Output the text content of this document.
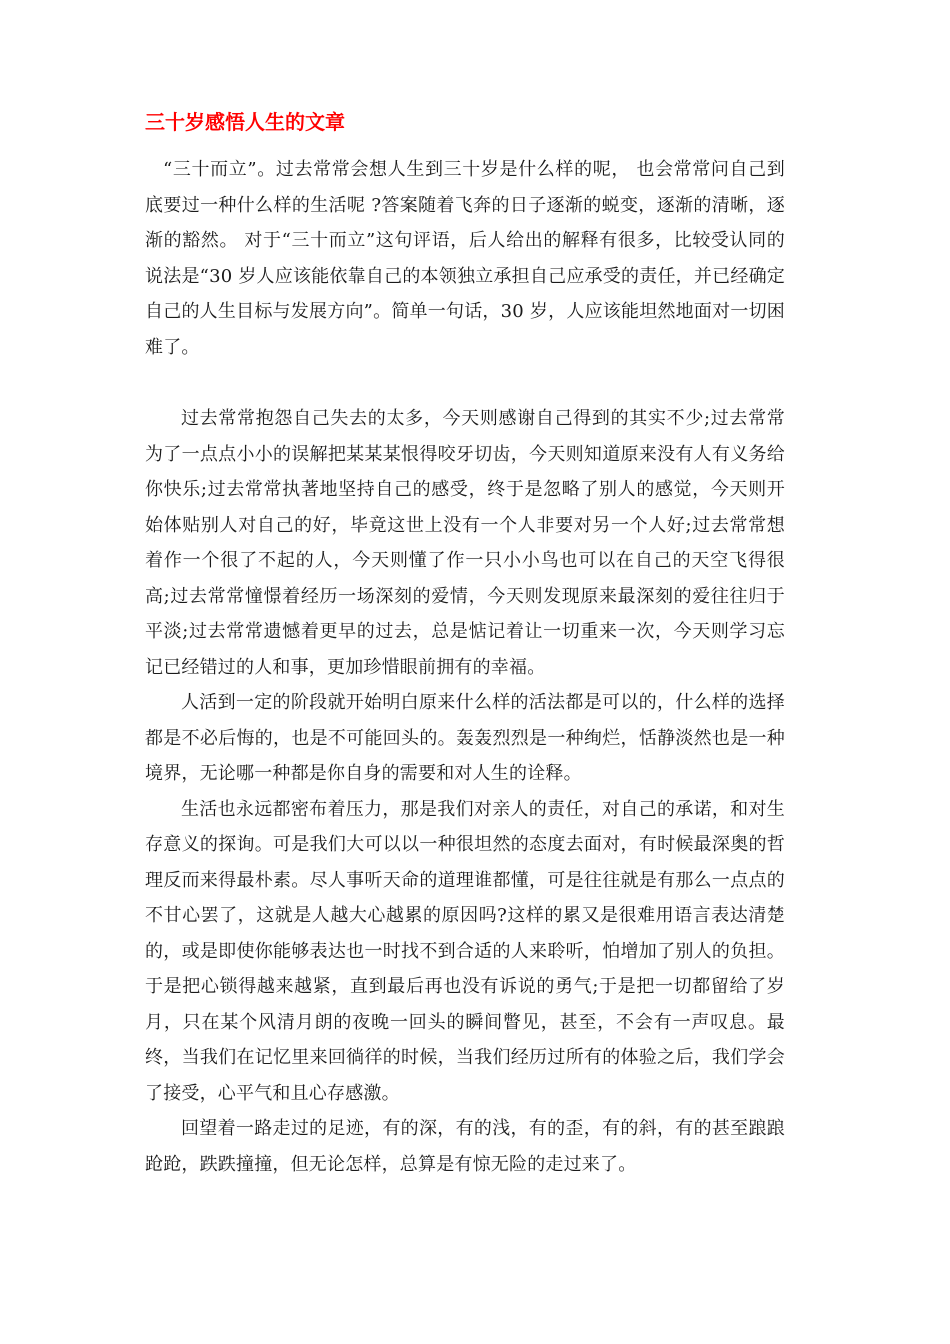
三十岁感悟人生的文章

“三十而立”。过去常常会想人生到三十岁是什么样的呢， 也会常常问自己到底要过一种什么样的生活呢 ?答案随着飞奔的日子逐渐的蜕变，逐渐的清晰，逐渐的豁然。 对于“三十而立”这句评语，后人给出的解释有很多，比较受认同的说法是“30 岁人应该能依靠自己的本领独立承担自己应承受的责任，并已经确定自己的人生目标与发展方向”。简单一句话，30 岁，人应该能坦然地面对一切困难了。

过去常常抱怨自己失去的太多，今天则感谢自己得到的其实不少;过去常常为了一点点小小的误解把某某某恨得咬牙切齿，今天则知道原来没有人有义务给你快乐;过去常常执著地坚持自己的感受，终于是忽略了别人的感觉，今天则开始体贴别人对自己的好，毕竟这世上没有一个人非要对另一个人好;过去常常想着作一个很了不起的人，今天则懂了作一只小小鸟也可以在自己的天空飞得很高;过去常常憧憬着经历一场深刻的爱情，今天则发现原来最深刻的爱往往归于平淡;过去常常遗憾着更早的过去，总是惦记着让一切重来一次，今天则学习忘记已经错过的人和事，更加珍惜眼前拥有的幸福。

人活到一定的阶段就开始明白原来什么样的活法都是可以的，什么样的选择都是不必后悔的，也是不可能回头的。轰轰烈烈是一种绚烂，恬静淡然也是一种境界，无论哪一种都是你自身的需要和对人生的诠释。

生活也永远都密布着压力，那是我们对亲人的责任，对自己的承诺，和对生存意义的探询。可是我们大可以以一种很坦然的态度去面对，有时候最深奥的哲理反而来得最朴素。尽人事听天命的道理谁都懂，可是往往就是有那么一点点的不甘心罢了，这就是人越大心越累的原因吗?这样的累又是很难用语言表达清楚的，或是即使你能够表达也一时找不到合适的人来聆听，怕增加了别人的负担。于是把心锁得越来越紧，直到最后再也没有诉说的勇气;于是把一切都留给了岁月，只在某个风清月朗的夜晚一回头的瞬间瞥见，甚至，不会有一声叹息。最终，当我们在记忆里来回徜徉的时候，当我们经历过所有的体验之后，我们学会了接受，心平气和且心存感激。

回望着一路走过的足迹，有的深，有的浅，有的歪，有的斜，有的甚至踉踉跄跄，跌跌撞撞，但无论怎样，总算是有惊无险的走过来了。
